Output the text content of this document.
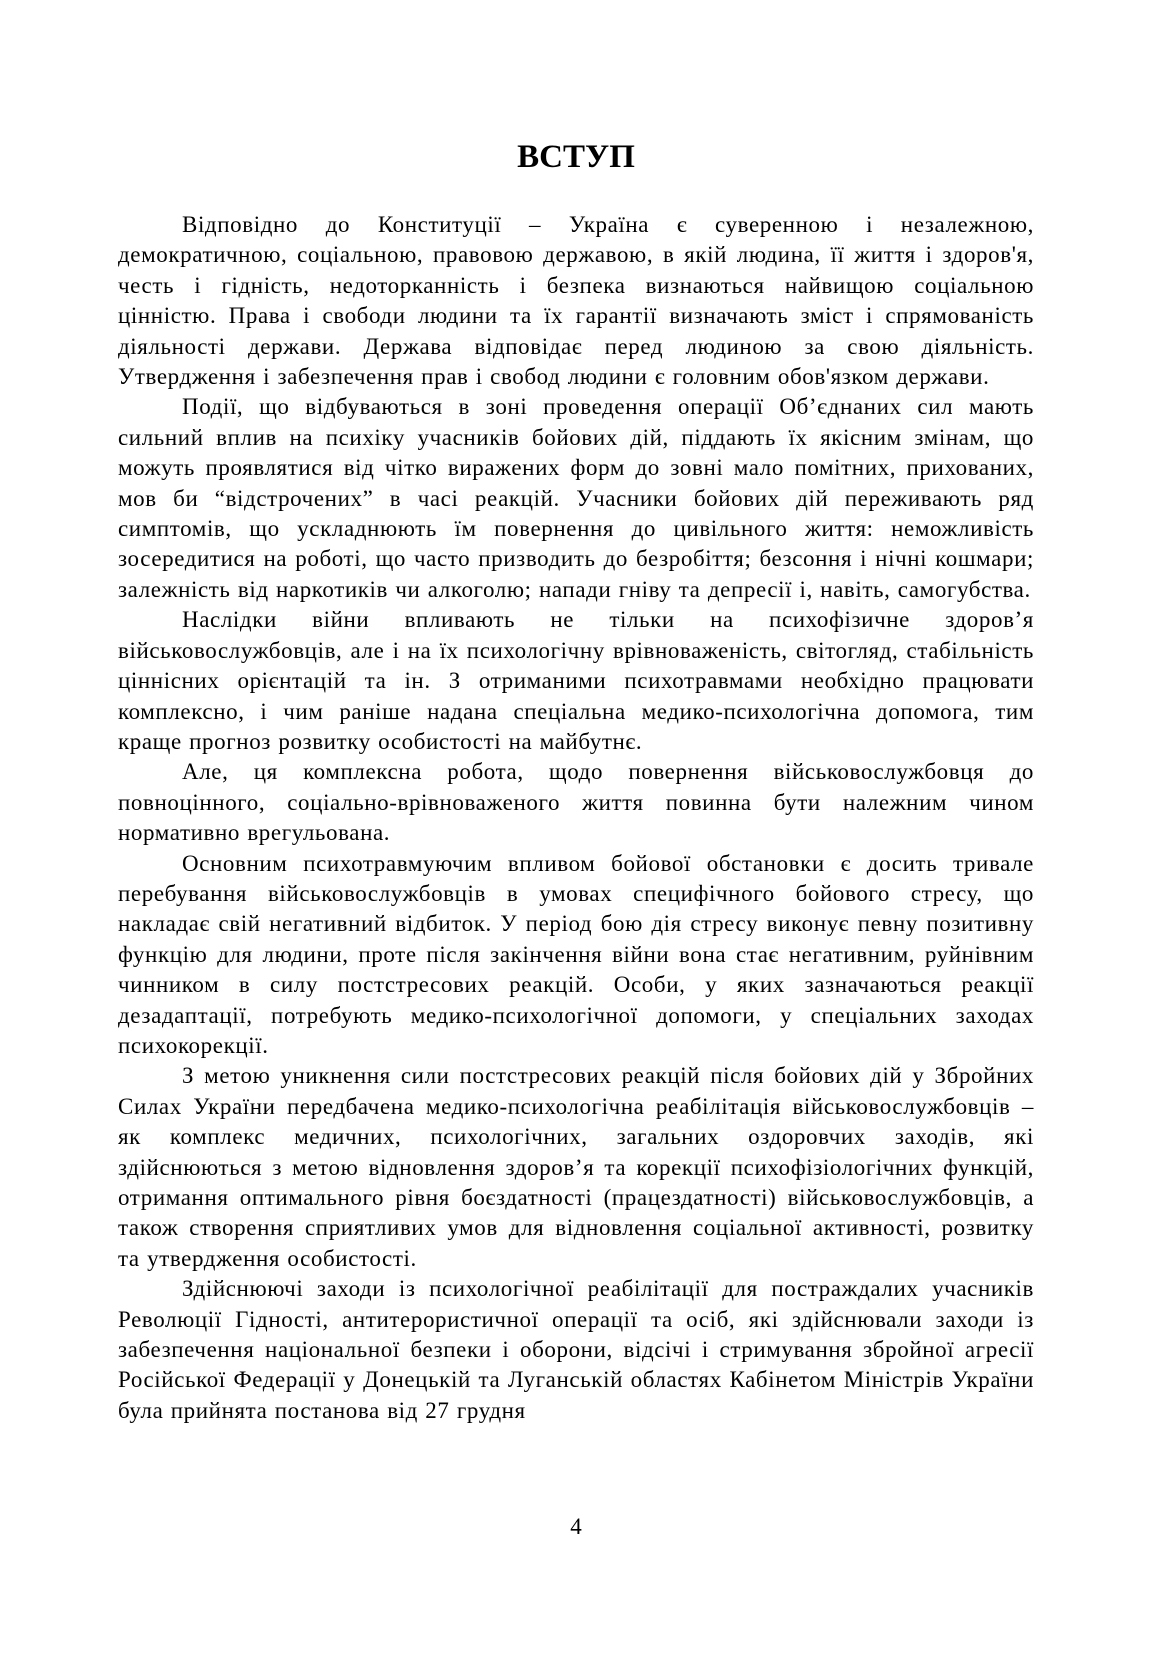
ВСТУП

Відповідно до Конституції – Україна є суверенною і незалежною, демократичною, соціальною, правовою державою, в якій людина, її життя і здоров'я, честь і гідність, недоторканність і безпека визнаються найвищою соціальною цінністю. Права і свободи людини та їх гарантії визначають зміст і спрямованість діяльності держави. Держава відповідає перед людиною за свою діяльність. Утвердження і забезпечення прав і свобод людини є головним обов'язком держави.

Події, що відбуваються в зоні проведення операції Об’єднаних сил мають сильний вплив на психіку учасників бойових дій, піддають їх якісним змінам, що можуть проявлятися від чітко виражених форм до зовні мало помітних, прихованих, мов би “відстрочених” в часі реакцій. Учасники бойових дій переживають ряд симптомів, що ускладнюють їм повернення до цивільного життя: неможливість зосередитися на роботі, що часто призводить до безробіття; безсоння і нічні кошмари; залежність від наркотиків чи алкоголю; напади гніву та депресії і, навіть, самогубства.

Наслідки війни впливають не тільки на психофізичне здоров’я військовослужбовців, але і на їх психологічну врівноваженість, світогляд, стабільність ціннісних орієнтацій та ін. З отриманими психотравмами необхідно працювати комплексно, і чим раніше надана спеціальна медико-психологічна допомога, тим краще прогноз розвитку особистості на майбутнє.

Але, ця комплексна робота, щодо повернення військовослужбовця до повноцінного, соціально-врівноваженого життя повинна бути належним чином нормативно врегульована.

Основним психотравмуючим впливом бойової обстановки є досить тривале перебування військовослужбовців в умовах специфічного бойового стресу, що накладає свій негативний відбиток. У період бою дія стресу виконує певну позитивну функцію для людини, проте після закінчення війни вона стає негативним, руйнівним чинником в силу постстресових реакцій. Особи, у яких зазначаються реакції дезадаптації, потребують медико-психологічної допомоги, у спеціальних заходах психокорекції.

З метою уникнення сили постстресових реакцій після бойових дій у Збройних Силах України передбачена медико-психологічна реабілітація військовослужбовців – як комплекс медичних, психологічних, загальних оздоровчих заходів, які здійснюються з метою відновлення здоров’я та корекції психофізіологічних функцій, отримання оптимального рівня боєздатності (працездатності) військовослужбовців, а також створення сприятливих умов для відновлення соціальної активності, розвитку та утвердження особистості.

Здійснюючі заходи із психологічної реабілітації для постраждалих учасників Революції Гідності, антитерористичної операції та осіб, які здійснювали заходи із забезпечення національної безпеки і оборони, відсічі і стримування збройної агресії Російської Федерації у Донецькій та Луганській областях Кабінетом Міністрів України була прийнята постанова від 27 грудня

4
